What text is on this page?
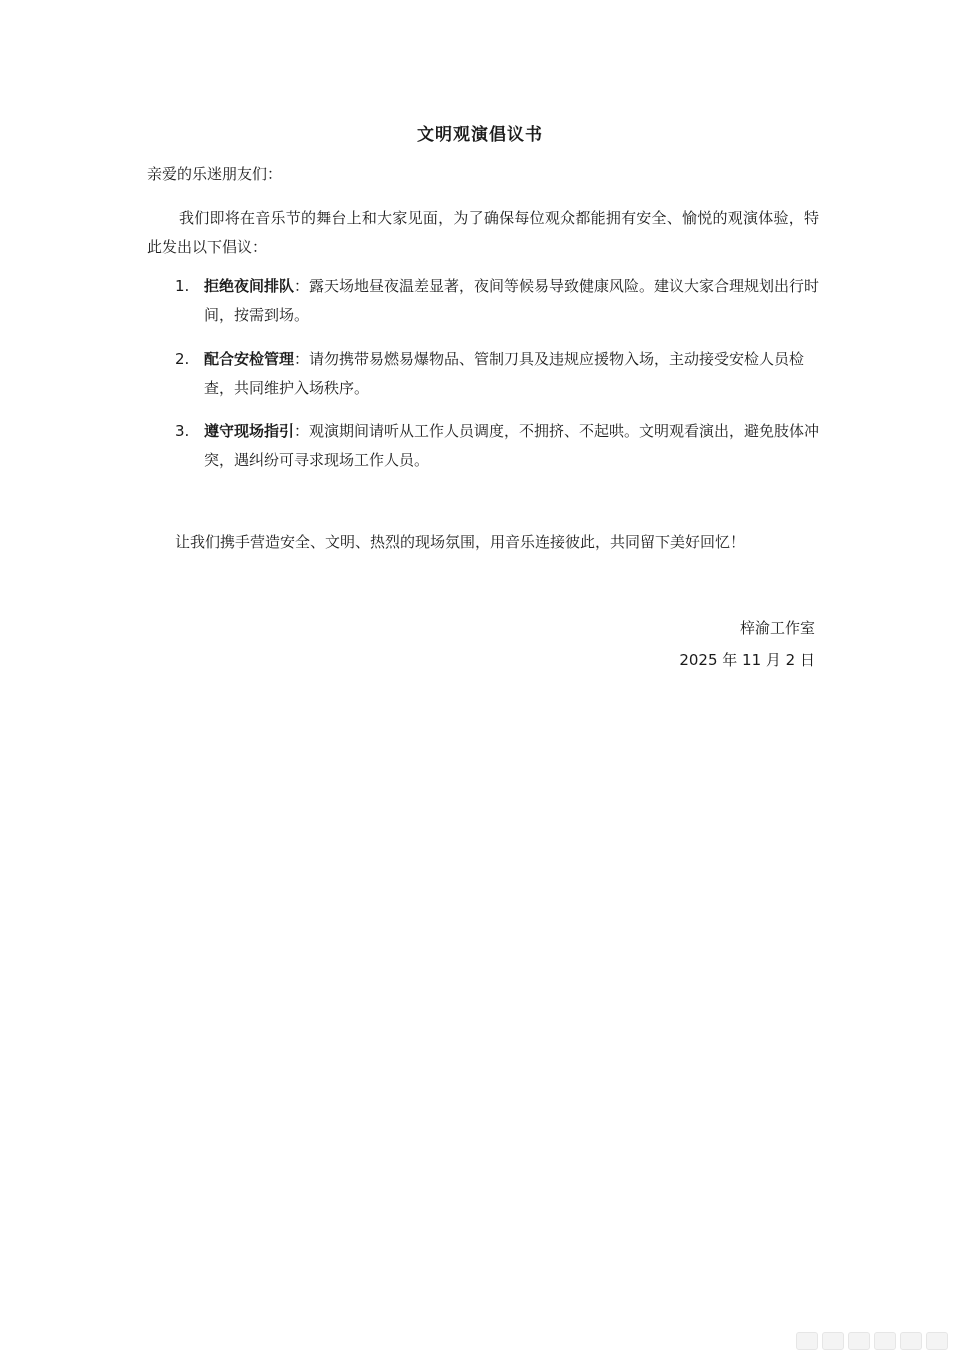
文明观演倡议书
亲爱的乐迷朋友们：
我们即将在音乐节的舞台上和大家见面，为了确保每位观众都能拥有安全、愉悦的观演体验，特此发出以下倡议：
1. 拒绝夜间排队：露天场地昼夜温差显著，夜间等候易导致健康风险。建议大家合理规划出行时间，按需到场。
2. 配合安检管理：请勿携带易燃易爆物品、管制刀具及违规应援物入场，主动接受安检人员检查，共同维护入场秩序。
3. 遵守现场指引：观演期间请听从工作人员调度，不拥挤、不起哄。文明观看演出，避免肢体冲突，遇纠纷可寻求现场工作人员。
让我们携手营造安全、文明、热烈的现场氛围，用音乐连接彼此，共同留下美好回忆！
梓渝工作室
2025 年 11 月 2 日
